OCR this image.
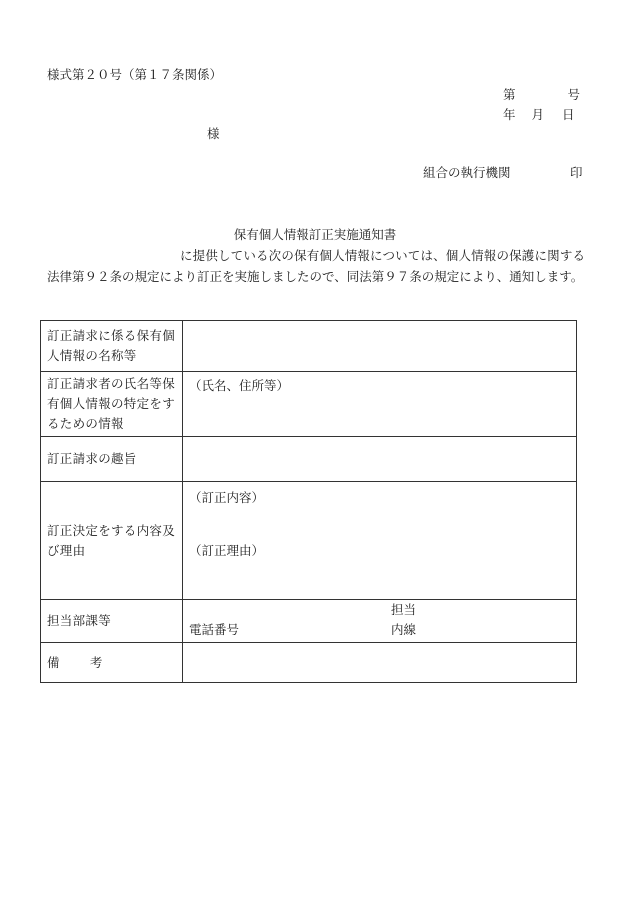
様式第２０号（第１７条関係）
第	号
年 月 日
様
組合の執行機関	印
保有個人情報訂正実施通知書
に提供している次の保有個人情報については、個人情報の保護に関する法律第９２条の規定により訂正を実施しましたので、同法第９７条の規定により、通知します。
訂正請求に係る保有個人情報の名称等	
訂正請求者の氏名等保有個人情報の特定をするための情報	（氏名、住所等）

訂正請求の趣旨	
訂正決定をする内容及び理由	（訂正内容）
（訂正理由）

担当部課等	担当
電話番号 内線

備 考	
